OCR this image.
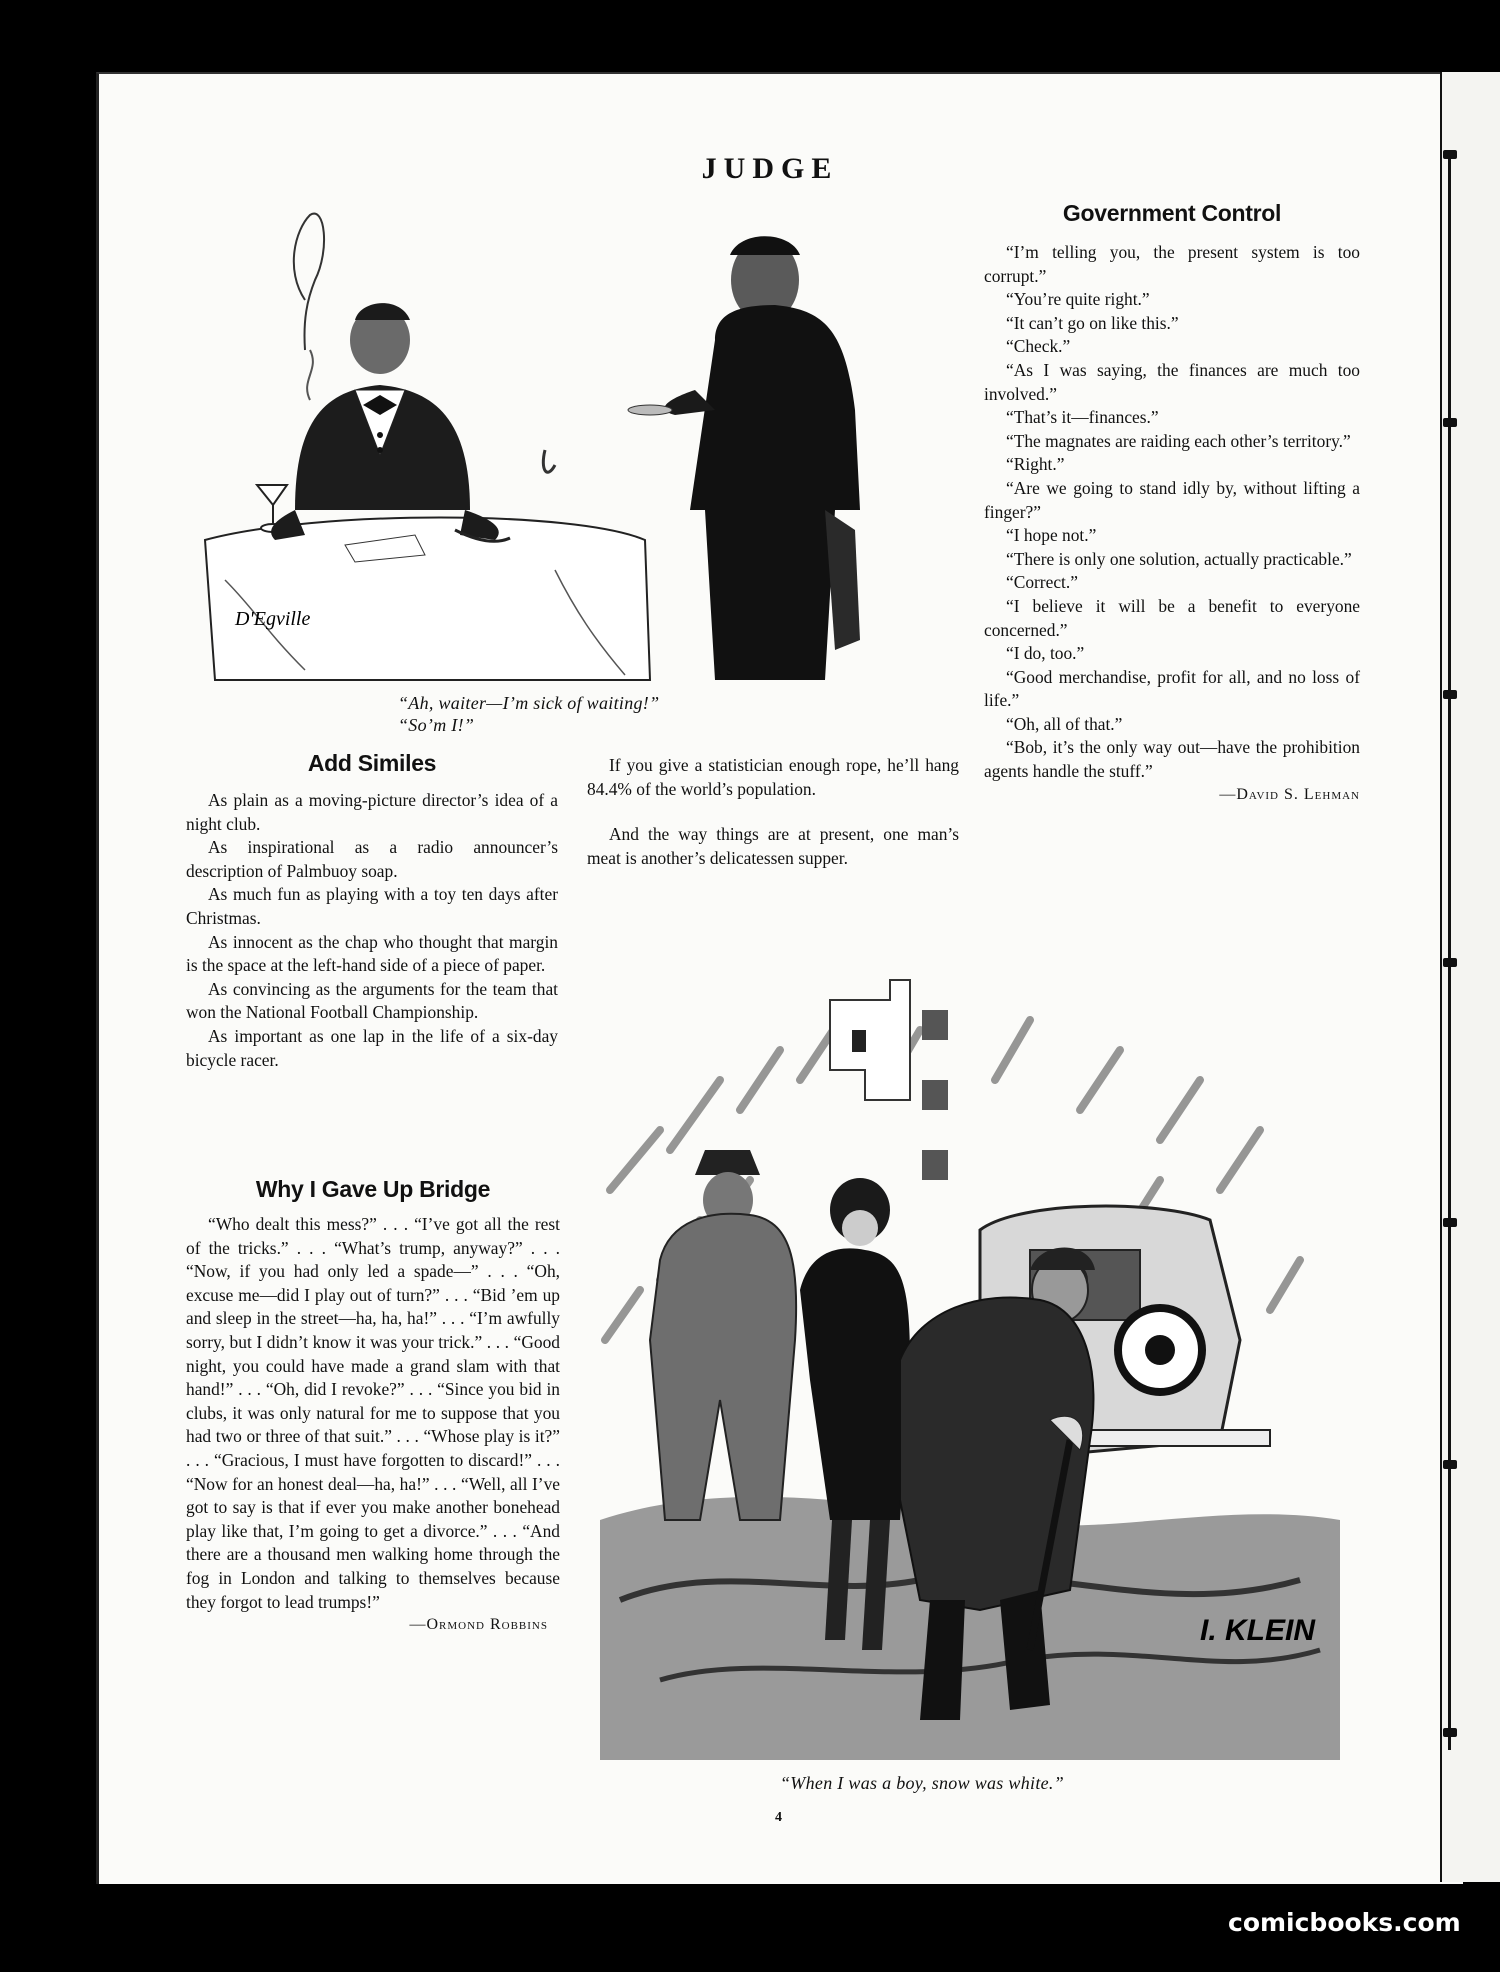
JUDGE
D'Egville
“Ah, waiter—I’m sick of waiting!”
“So’m I!”
Government Control

“I’m telling you, the present system is too corrupt.”

“You’re quite right.”

“It can’t go on like this.”

“Check.”

“As I was saying, the finances are much too involved.”

“That’s it—finances.”

“The magnates are raiding each other’s territory.”

“Right.”

“Are we going to stand idly by, without lifting a finger?”

“I hope not.”

“There is only one solution, actually practicable.”

“Correct.”

“I believe it will be a benefit to everyone concerned.”

“I do, too.”

“Good merchandise, profit for all, and no loss of life.”

“Oh, all of that.”

“Bob, it’s the only way out—have the prohibition agents handle the stuff.”

—David S. Lehman
Add Similes

As plain as a moving-picture director’s idea of a night club.

As inspirational as a radio announcer’s description of Palmbuoy soap.

As much fun as playing with a toy ten days after Christmas.

As innocent as the chap who thought that margin is the space at the left-hand side of a piece of paper.

As convincing as the arguments for the team that won the National Football Championship.

As important as one lap in the life of a six-day bicycle racer.

If you give a statistician enough rope, he’ll hang 84.4% of the world’s population.

And the way things are at present, one man’s meat is another’s delicatessen supper.

Why I Gave Up Bridge

“Who dealt this mess?” . . . “I’ve got all the rest of the tricks.” . . . “What’s trump, anyway?” . . . “Now, if you had only led a spade—” . . . “Oh, excuse me—did I play out of turn?” . . . “Bid ’em up and sleep in the street—ha, ha, ha!” . . . “I’m awfully sorry, but I didn’t know it was your trick.” . . . “Good night, you could have made a grand slam with that hand!” . . . “Oh, did I revoke?” . . . “Since you bid in clubs, it was only natural for me to suppose that you had two or three of that suit.” . . . “Whose play is it?” . . . “Gracious, I must have forgotten to discard!” . . . “Now for an honest deal—ha, ha!” . . . “Well, all I’ve got to say is that if ever you make another bonehead play like that, I’m going to get a divorce.” . . . “And there are a thousand men walking home through the fog in London and talking to themselves because they forgot to lead trumps!”

—Ormond Robbins	I. KLEIN
“When I was a boy, snow was white.”
4
comicbooks.com
